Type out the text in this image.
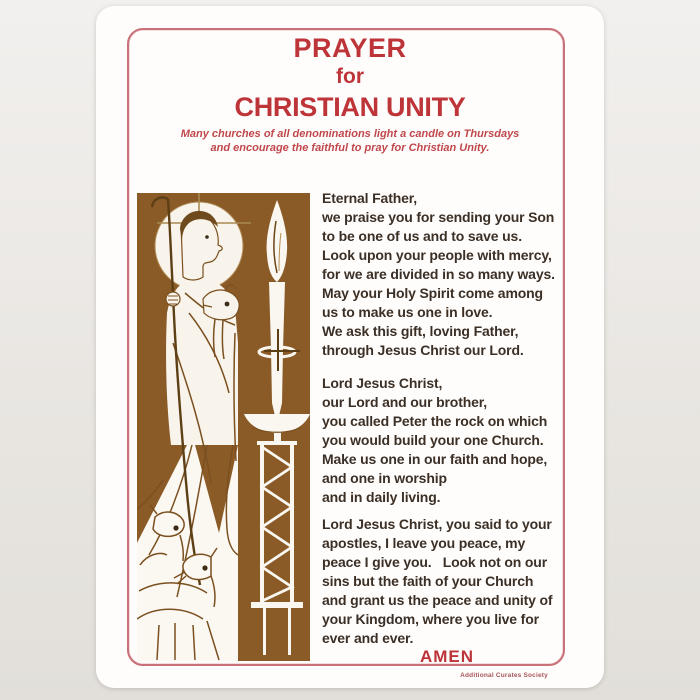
PRAYER
for
CHRISTIAN UNITY
Many churches of all denominations light a candle on Thursdays
and encourage the faithful to pray for Christian Unity.

Eternal Father,
we praise you for sending your Son
to be one of us and to save us.
Look upon your people with mercy,
for we are divided in so many ways.
May your Holy Spirit come among
us to make us one in love.
We ask this gift, loving Father,
through Jesus Christ our Lord.

Lord Jesus Christ,
our Lord and our brother,
you called Peter the rock on which
you would build your one Church.
Make us one in our faith and hope,
and one in worship
and in daily living.

Lord Jesus Christ, you said to your
apostles, I leave you peace, my
peace I give you.   Look not on our
sins but the faith of your Church
and grant us the peace and unity of
your Kingdom, where you live for
ever and ever.

AMEN
Additional Curates Society
